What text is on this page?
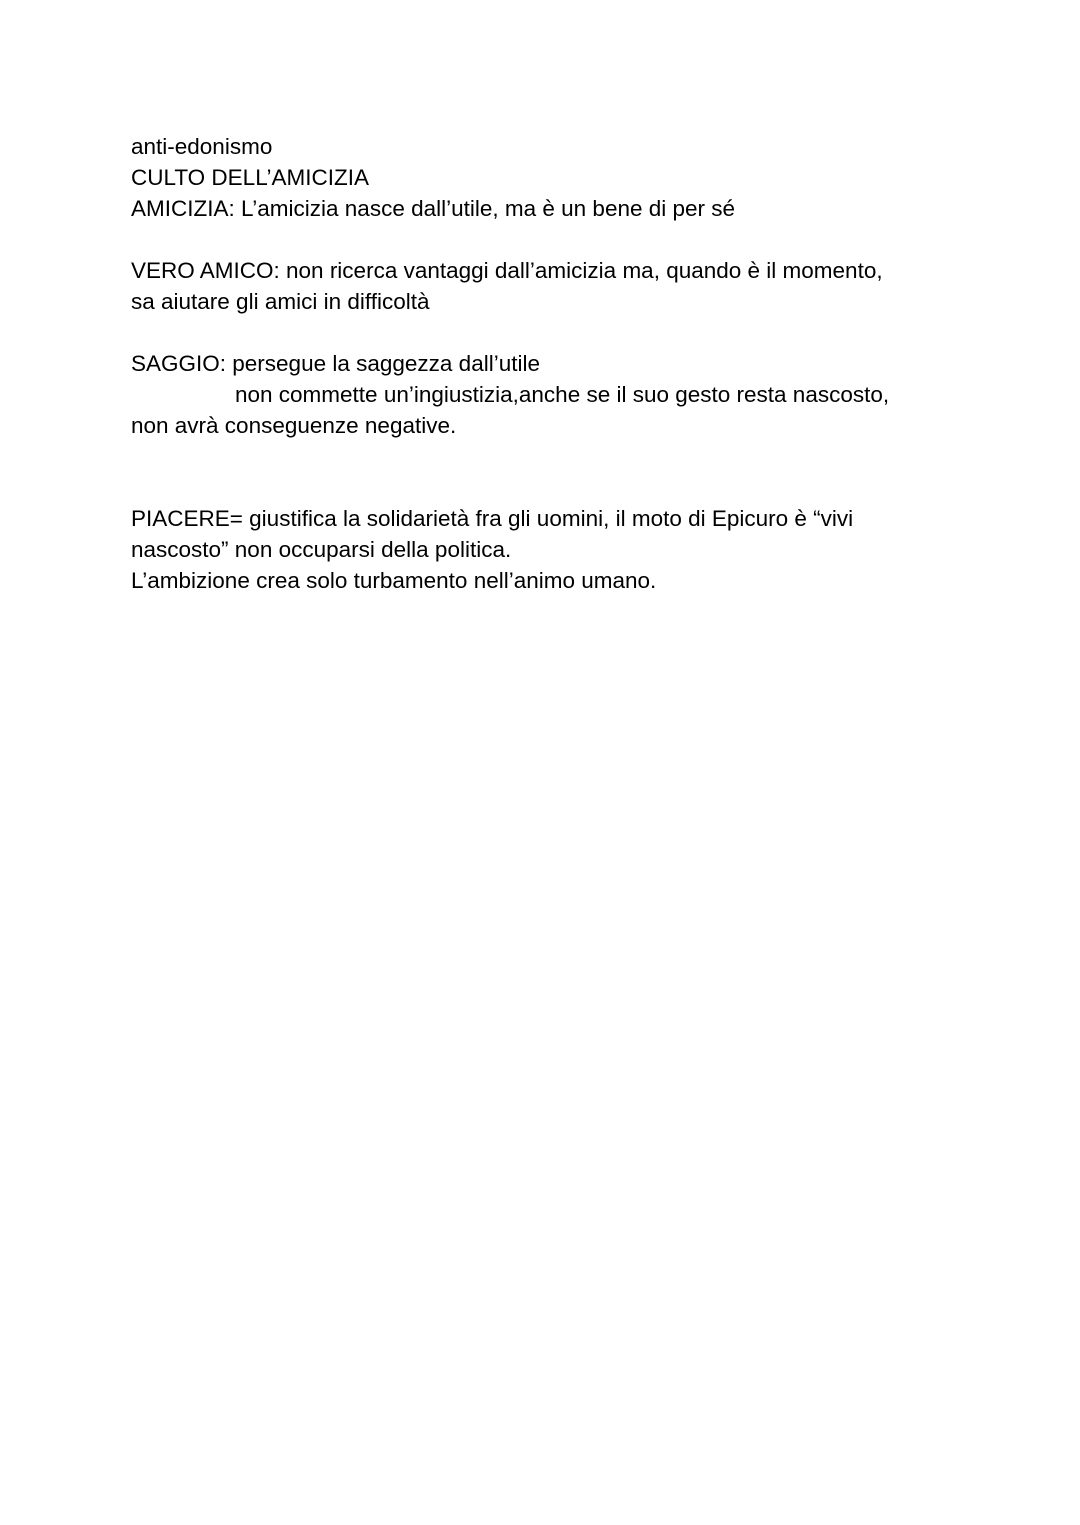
anti-edonismo
CULTO DELL’AMICIZIA
AMICIZIA: L’amicizia nasce dall’utile, ma è un bene di per sé
VERO AMICO: non ricerca vantaggi dall’amicizia ma, quando è il momento,
sa aiutare gli amici in difficoltà
SAGGIO: persegue la saggezza dall’utile
non commette un’ingiustizia,anche se il suo gesto resta nascosto,
non avrà conseguenze negative.
PIACERE= giustifica la solidarietà fra gli uomini, il moto di Epicuro è “vivi
nascosto” non occuparsi della politica.
L’ambizione crea solo turbamento nell’animo umano.
